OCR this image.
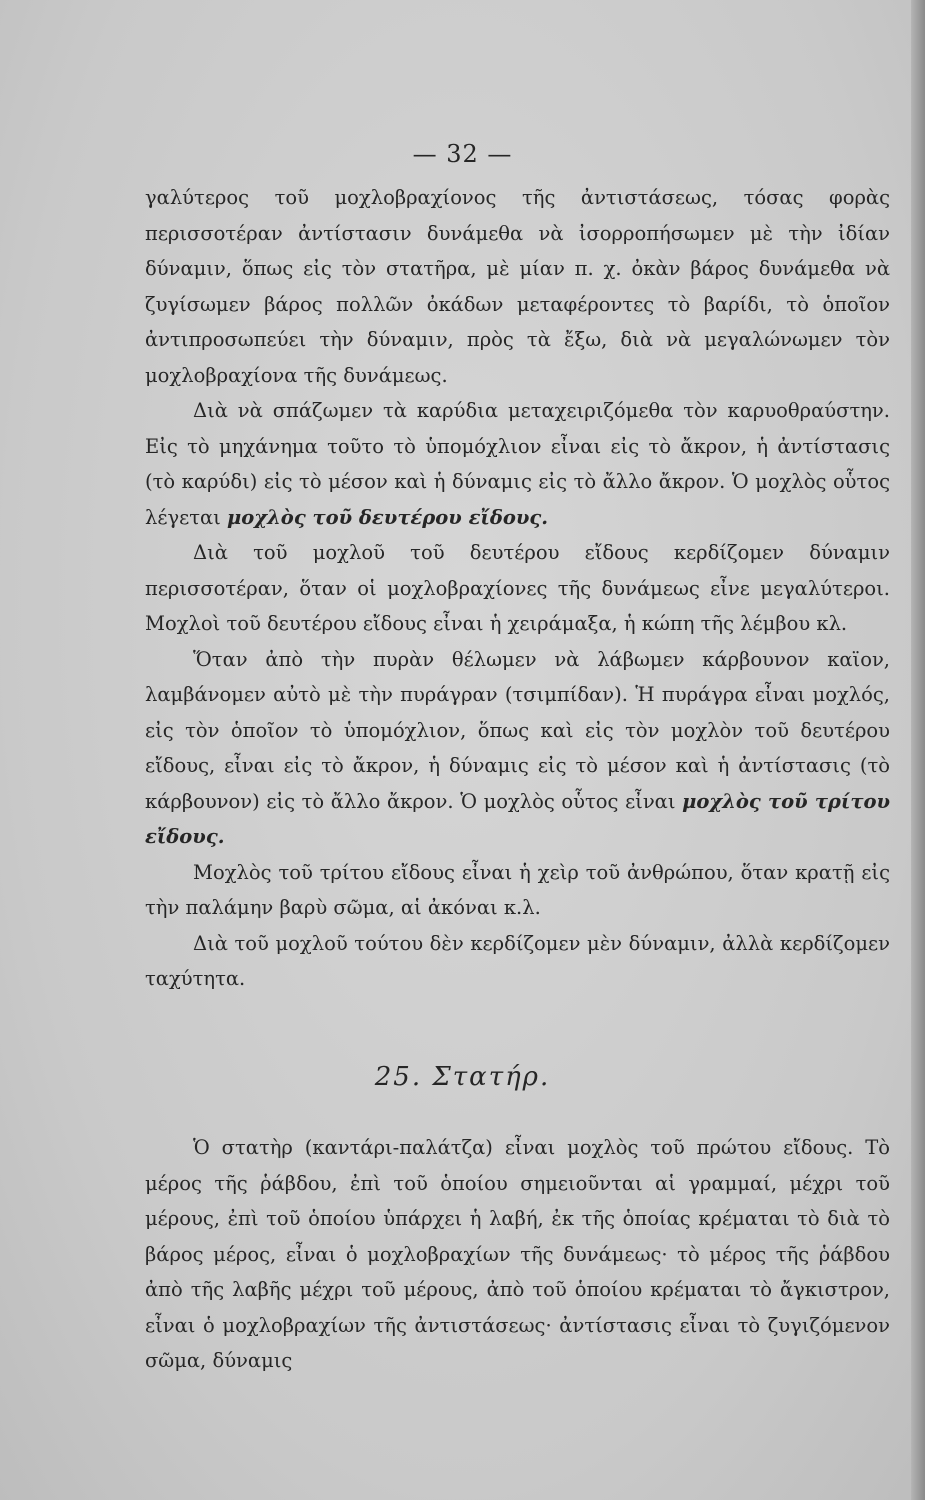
— 32 —

γαλύτερος τοῦ μοχλοβραχίονος τῆς ἀντιστάσεως, τόσας φορὰς περισσοτέραν ἀντίστασιν δυνάμεθα νὰ ἰσορροπήσωμεν μὲ τὴν ἰδίαν δύναμιν, ὅπως εἰς τὸν στατῆρα, μὲ μίαν π. χ. ὀκὰν βάρος δυνάμεθα νὰ ζυγίσωμεν βάρος πολλῶν ὀκάδων μεταφέροντες τὸ βαρίδι, τὸ ὁποῖον ἀντιπροσωπεύει τὴν δύναμιν, πρὸς τὰ ἔξω, διὰ νὰ μεγαλώνωμεν τὸν μοχλοβραχίονα τῆς δυνάμεως.

Διὰ νὰ σπάζωμεν τὰ καρύδια μεταχειριζόμεθα τὸν καρυοθραύστην. Εἰς τὸ μηχάνημα τοῦτο τὸ ὑπομόχλιον εἶναι εἰς τὸ ἄκρον, ἡ ἀντίστασις (τὸ καρύδι) εἰς τὸ μέσον καὶ ἡ δύναμις εἰς τὸ ἄλλο ἄκρον. Ὁ μοχλὸς οὗτος λέγεται μοχλὸς τοῦ δευτέρου εἴδους.

Διὰ τοῦ μοχλοῦ τοῦ δευτέρου εἴδους κερδίζομεν δύναμιν περισσοτέραν, ὅταν οἱ μοχλοβραχίονες τῆς δυνάμεως εἶνε μεγαλύτεροι. Μοχλοὶ τοῦ δευτέρου εἴδους εἶναι ἡ χειράμαξα, ἡ κώπη τῆς λέμβου κλ.

Ὅταν ἀπὸ τὴν πυρὰν θέλωμεν νὰ λάβωμεν κάρβουνον καϊον, λαμβάνομεν αὐτὸ μὲ τὴν πυράγραν (τσιμπίδαν). Ἡ πυράγρα εἶναι μοχλός, εἰς τὸν ὁποῖον τὸ ὑπομόχλιον, ὅπως καὶ εἰς τὸν μοχλὸν τοῦ δευτέρου εἴδους, εἶναι εἰς τὸ ἄκρον, ἡ δύναμις εἰς τὸ μέσον καὶ ἡ ἀντίστασις (τὸ κάρβουνον) εἰς τὸ ἄλλο ἄκρον. Ὁ μοχλὸς οὗτος εἶναι μοχλὸς τοῦ τρίτου εἴδους.

Μοχλὸς τοῦ τρίτου εἴδους εἶναι ἡ χεὶρ τοῦ ἀνθρώπου, ὅταν κρατῇ εἰς τὴν παλάμην βαρὺ σῶμα, αἱ ἀκόναι κ.λ.

Διὰ τοῦ μοχλοῦ τούτου δὲν κερδίζομεν μὲν δύναμιν, ἀλλὰ κερδίζομεν ταχύτητα.

25. Στατήρ.

Ὁ στατὴρ (καντάρι-παλάτζα) εἶναι μοχλὸς τοῦ πρώτου εἴδους. Τὸ μέρος τῆς ῥάβδου, ἐπὶ τοῦ ὁποίου σημειοῦνται αἱ γραμμαί, μέχρι τοῦ μέρους, ἐπὶ τοῦ ὁποίου ὑπάρχει ἡ λαβή, ἐκ τῆς ὁποίας κρέμαται τὸ διὰ τὸ βάρος μέρος, εἶναι ὁ μοχλοβραχίων τῆς δυνάμεως· τὸ μέρος τῆς ῥάβδου ἀπὸ τῆς λαβῆς μέχρι τοῦ μέρους, ἀπὸ τοῦ ὁποίου κρέμαται τὸ ἄγκιστρον, εἶναι ὁ μοχλοβραχίων τῆς ἀντιστάσεως· ἀντίστασις εἶναι τὸ ζυγιζόμενον σῶμα, δύναμις
